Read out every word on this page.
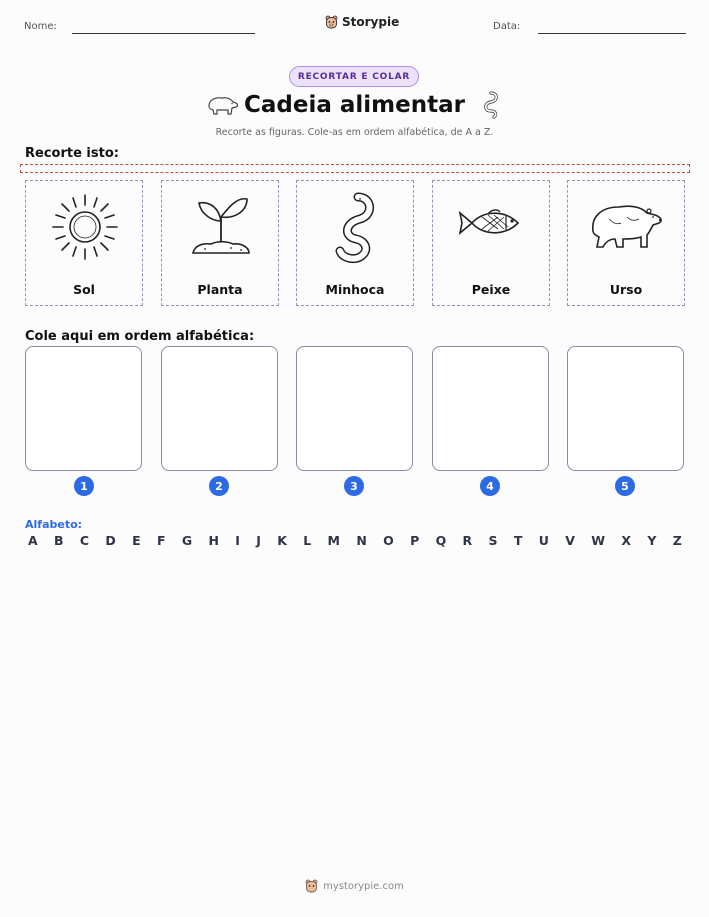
Nome:	Storypie	Data:
RECORTAR E COLAR
Cadeia alimentar
Recorte as figuras. Cole-as em ordem alfabética, de A a Z.
Recorte isto:
Sol	Planta	Minhoca	Peixe	Urso
Cole aqui em ordem alfabética:
1	2	3	4	5
Alfabeto:
A B C D E F G H I J K L M N O P Q R S T U V W X Y Z
mystorypie.com
